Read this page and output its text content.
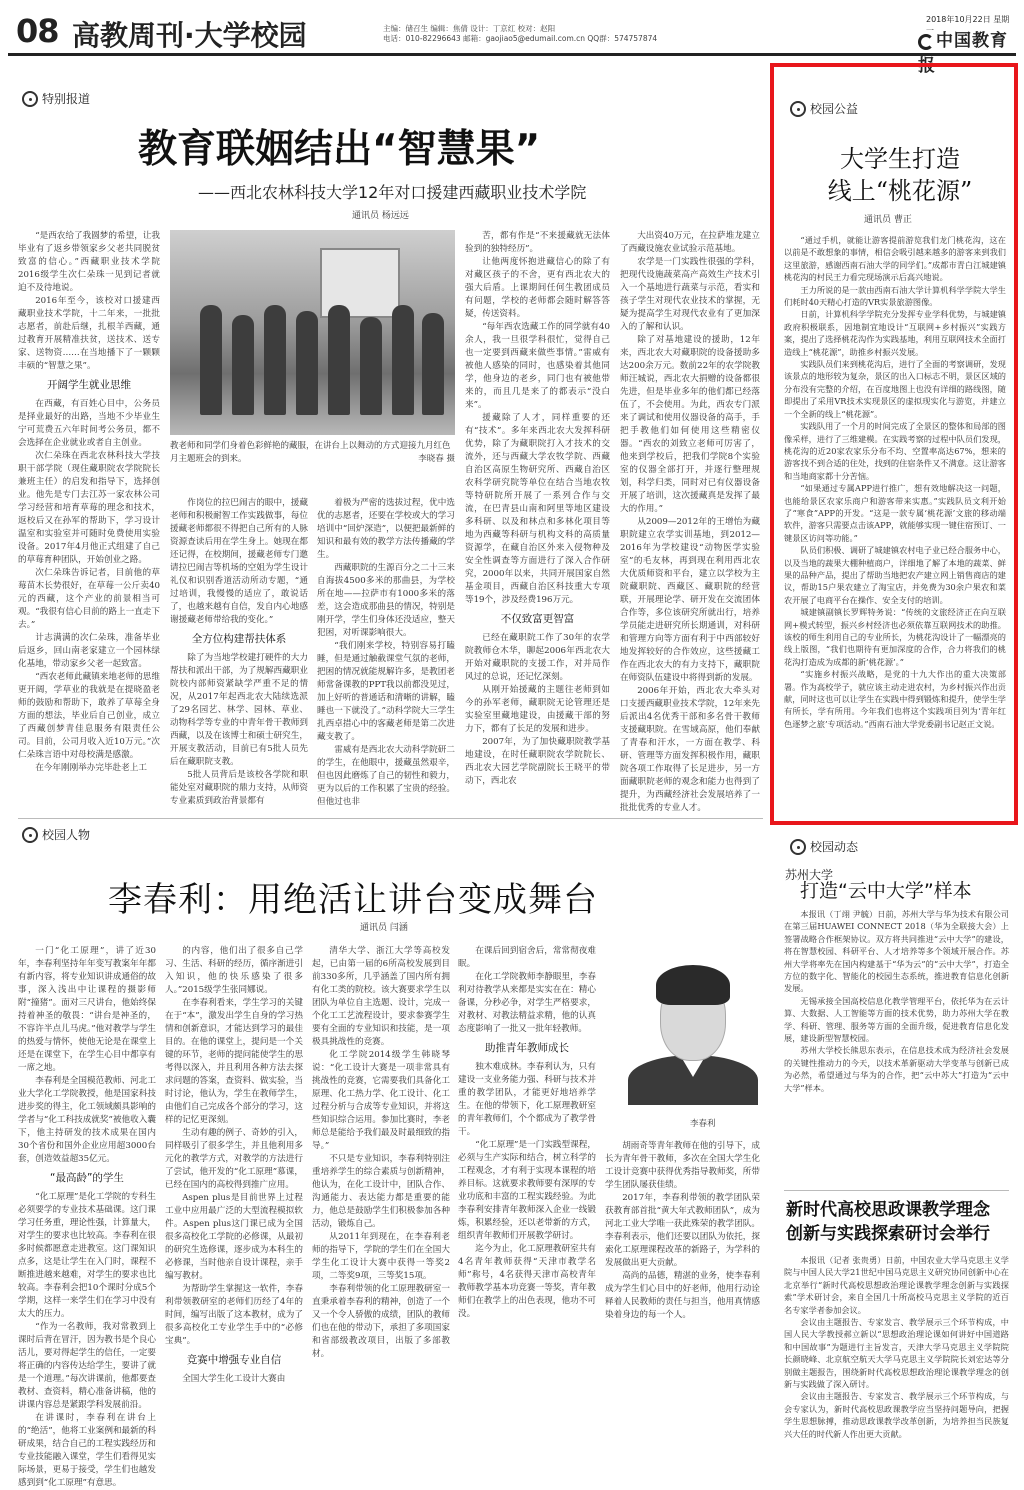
08 高教周刊·大学校园	主编：储召生 编辑：焦倩 设计：丁京红 校对：赵阳
电话：010-82296643 邮箱：gaojiao5@edumail.com.cn QQ群：574757874
2018年10月22日 星期一
中国教育报
特别报道
教育联姻结出“智慧果”
——西北农林科技大学12年对口援建西藏职业技术学院
通讯员 杨远远

“是西农给了我圆梦的希望，让我毕业有了返乡带领家乡父老共同脱贫致富的信心。”西藏职业技术学院2016级学生次仁朵珠一见到记者就迫不及待地说。

2016年至今，该校对口援建西藏职业技术学院，十二年来，一批批志愿者，前赴后继，扎根羊西藏，通过教育开展精准扶贫，送技术、送专家、送物资……在当地播下了一颗颗丰硕的“智慧之果”。

开阔学生就业思维

在西藏，有百姓心目中，公务员是择业最好的出路，当地不少毕业生宁可荒费五六年时间考公务员，都不会选择在企业就业或者自主创业。

次仁朵珠在西北农林科技大学技职干部学院（现住藏职院农学院院长兼班主任）的启发和指导下，选择创业。他先是专门去江苏一家农林公司学习经营和培育草莓的理念和技术，返校后又在孙军的帮助下，学习设计温室和实验室并可随时免费使用实验设备。2017年4月他正式组建了自己的草莓育种团队，开始创业之路。

次仁朵珠告诉记者，目前他的草莓苗木长势很好，在草莓一公斤卖40元的西藏，这个产业的前景相当可观。“我很有信心目前的路上一直走下去。”

计志满满的次仁朵珠，准备毕业后返乡，回山南老家建立一个园林绿化基地，带动家乡父老一起致富。

“西农老师此藏镇来地老师的思维更开阔，学草业的我就是在提晓盈老师的鼓励和帮助下，敢养了草莓全身方面的想法，毕业后自己创业，成立了西藏创梦青佳息服务有限责任公司。目前，公司月收入近10万元。”次仁朵珠言语中对母校满是感激。

在今年刚刚举办完毕赴老上工

教老师和同学们身着色彩鲜艳的藏服，在讲台上以舞动的方式迎接九月红色月主题班会的到来。	李晓春 摄

作岗位的拉巴闹吉的眼中，援藏老师和积极耐智工作实践做事，每位援藏老师都很不得把自己所有的人脉资源查读后用在学生身上。她现在都还记得，在校期间，援藏老师专门邀请拉巴闹吉等机场的空姐为学生设计礼仪和识别香道活动所动专题，“通过培训，我慢慢的适应了，敢说话了，也越来越有自信，发自内心地感谢援藏老师带给我的变化。”

全方位构建帮扶体系

除了为当地学校建打硬件的大力帮扶和派出干部，为了规解西藏职业院校内部师资紧缺学严重不足的情况，从2017年起西北农大陆续选派了29名园艺、林学、园林、草业、动物科学等专业的中青年骨干教师到西藏，以及在该博士和硕士研究生，开展支教活动，目前已有5批人员先后在藏职院支教。

5批人员背后是该校各学院和职能处室对藏职院的鼎力支持，从师资专业素质到政治背景都有

着极为严密的选拔过程，优中选优的志愿者，还要在学校或大的学习培训中“回炉深造”，以便把最新鲜的知识和最有效的教学方法传播藏的学生。

西藏职院的生源百分之二十三来自海拔4500多米的那曲县，为学校所在地——拉萨市有1000多米的落差，这会造成那曲县的情况，特别是刚开学，学生们身体还没适应，整天犯困，对听课影响很大。

“我们刚来学校，特别容易打瞌睡，但是通过触截课堂气氛的老师，把困的情况就能规解许多，是教团老师常备课教的PPT我以前都没见过，加上好听的普通话和清晰的讲解，瞌睡也一下就没了。”动科学院大三学生扎西卓措心中的客藏老师是第二次进藏支教了。

雷威有是西北农大动科学院研二的学生，在他眼中，援藏虽然艰辛，但也因此磨炼了自己的韧性和毅力，更为以后的工作积累了宝贵的经验。但他过也非

苦，都有作是“不来援藏就无法体验到的独特经历”。

让他两度怀抱进藏信心的除了有对藏区孩子的不舍，更有西北农大的强大后盾。上课期间任何生教团成员有问题，学校的老师都会随时解答答疑，传送资料。

“每年西农选藏工作的同学就有40余人，我一旦很学科很忙，觉得自己也一定要到西藏来做些事情。”雷威有被他人感染的同时，也感染着其他同学，他身边的老乡，同门也有被他带来的，而且几是来了的都表示“没白来”。

援藏除了人才，同样重要的还有“技术”。多年来西北农大发挥科研优势，除了为藏职院打入才技术的交流外，还与西藏大学农牧学院、西藏自治区高原生物研究所、西藏自治区农科学研究院等单位在结合当地农牧等特研院所开展了一系列合作与交流，在巴青县山南和阿里等地区建设多科研、以及和林点和多林化项目等地为西藏等科研与机构文科的高质量资源学，在藏自治区外来入侵物种及安全性调查等方面进行了深入合作研究，2000年以来，共同开展国家自然基金项目，西藏自治区科技重大专项等19个，涉及经费196万元。

不仅致富更智富

已经在藏职院工作了30年的农学院教师仓木华，聊起2006年西北农大开始对藏职院的支援工作，对并局作风过的总说，还记忆深刻。

从刚开始援藏的主题往老师到如今的孙军老师，藏职院无论管理还是实验室里藏地建设，由援藏干部的努力下，都有了长足的发展和进步。

2007年，为了加快藏职院教学基地建设，在时任藏职院农学院院长、西北农大园艺学院副院长王晓平的带动下，西北农

大出资40万元，在拉萨堆龙建立了西藏设施农业试验示范基地。

农学是一门实践性很强的学科，把现代设施蔬菜高产高效生产技术引入一个基地进行蔬菜与示范，看实和孩子学生对现代农业技术的掌握，无疑为提高学生对现代农业有了更加深入的了解和认识。

除了对基地建设的援助，12年来，西北农大对藏职院的设备援助多达200余万元。数前22年的农学院教师汪城说，西北农大捐赠的设备都很先进，但是毕业多年的他们都已经落伍了，不会使用。为此，西农专门派来了调试和使用仪器设备的高手，手把手教他们如何使用这些精密仪器。“西农的刘致立老师可厉害了，他来到学校后，把我们学院8个实验室的仪器全部打开，并逐行整理规划，科学归类，同时对已有仪器设备开展了培训，这次援藏真是发挥了最大的作用。”

从2009—2012年的王增怡为藏职院建立农学实训基地，到2012—2016年为学校建设“动物医学实验室”的毛友林，再到现在利用西北农大优质师资和平台，建立以学校为主院藏职院、西藏区、藏职院的经营联，开展理论学、研开发在交流团体合作等，多位该研究所就出行，培养学员能走进研究所长期通训，对科研和管理方向等方面有利于中西部较好地发挥较好的合作效应，这些援藏工作在西北农大的有力支持下，藏职院在师资队伍建设中将得到新的发展。

2006年开始，西北农大牵头对口支援西藏职业技术学院，12年来先后派出4名优秀干部和多名骨干教师支援藏职院。在雪域高原，他们奉献了青春和汗水，一方面在教学、科研、管理等方面发挥积极作用，藏职院各项工作取得了长足进步，另一方面藏职院老师的观念和能力也得到了提升，为西藏经济社会发展培养了一批批优秀的专业人才。

校园公益
大学生打造
线上“桃花源”
通讯员 曹正

“通过手机，就能让游客提前游览我们龙门桃花沟，这在以前是不敢想象的事情，相信会吸引越来越多的游客来到我们这里旅游，感谢西南石油大学的同学们。”成都市青白江城建镇桃花沟的村民王力看完现场演示后高兴地说。

王力所说的是一款由西南石油大学计算机科学学院大学生们耗时40天精心打造的VR实景旅游图像。

日前，计算机科学学院充分发挥专业学科优势，与城建镇政府积极联系，因地制宜地设计“互联网+乡村振兴”实践方案，提出了选择桃花沟作为实践基地，利用互联网技术全面打造线上“桃花源”，助推乡村振兴发展。

实践队员们来到桃花沟后，进行了全面的考察调研，发现该景点的地形较为复杂，景区的出入口标志不明，景区区域的分布没有完整的介绍，在百度地图上也没有详细的路线图，随即提出了采用VR技术实现景区的虚拟现实化与游览，并建立一个全新的线上“桃花源”。

实践队用了一个月的时间完成了全景区的整体和局部的图像采样，进行了三维建模。在实践考察的过程中队员们发现，桃花沟的近20家农家乐分布不均、空置率高达67%，想来的游客找不到合适的住处，找到的住宿条件又不满意。这让游客和当地商家都十分苦恼。

“如果通过专属APP进行推广，想有效地解决这一问题，也能给景区农家乐商户和游客带来实惠。”实践队员文利开始了“寒食”APP的开发。“这是一款专属‘桃花源’文旅的移动端软件，游客只需要点击该APP，就能够实现一键住宿预订、一键景区访问等功能。”

队员们积极、调研了城建镇农村电子业已经合服务中心，以及当地的蔬果大棚种植商户，详细地了解了本地的蔬菜、鲜果的品种产品，提出了帮助当地把农产建立网上销售商店的建议，帮助15户果农建立了淘宝店，并免费为30余户果农和菜农开展了电商平台在操作、安全支付的培训。

城建镇副镇长罗辉特务说：“传统的文旅经济正在向互联网+模式转型，振兴乡村经济也必须依靠互联网技术的助推。该校的师生利用自己的专业所长，为桃花沟设计了一幅漂亮的线上版图，“我们也期待有更加深度的合作，合力将我们的桃花沟打造成为成都的新‘桃花源’。”

“实施乡村振兴战略，是党的十九大作出的重大决策部署。作为高校学子，就应该主动走进农村，为乡村振兴作出贡献，同时这也可以让学生在实践中得到锻炼和提升，使学生学有所长，学有所用。今年我们也将这个实践项目列为‘青年红色逐梦之旅’专项活动。”西南石油大学党委副书记赵正文说。

校园人物
李春利：用绝活让讲台变成舞台
通讯员 闫涵

一门“化工原理”，讲了近30年，李春利坚持年年变写教案年年都有新内容，将专业知识讲成通俗的故事，深入浅出中让课程的摄影师附“撞猪”。面对三尺讲台，他始终保持着神圣的敬畏：“讲台是神圣的，不容许半点儿马虎。”他对教学与学生的热爱与情怀，使他无论是在课堂上还是在课堂下，在学生心目中都享有一席之地。

李春利是全国模范教师、河北工业大学化工学院教授，他是国家科技进步奖的得主，化工领域颇具影响的学者与“化工科技成就奖”被他收入囊下，他主持研发的技术成果在国内30个省份和国外企业应用超3000台套，创造效益超35亿元。

“最高龄”的学生

“化工原理”是化工学院的专科生必须要学的专业技术基础课。这门课学习任务重，理论性强，计算量大，对学生的要求也比较高。李春利在很多时候都愿意走进教室。这门课知识点多，这是让学生在入门时，课程不断推进越来越难，对学生的要求也比较高。李春利会把10个课时分成5个学期，这样一来学生们在学习中没有太大的压力。

“作为一名教师，我对常教到上课时后背在冒汗，因为教书是个良心活儿，要对得起学生的信任，一定要将正确的内容传达给学生，要讲了就是一个道理。”每次讲课前，他都要查教材、查资料，精心准备讲稿，他的讲课内容总是紧跟学科发展前沿。

在讲课时，李春利在讲台上的“绝活”，他将工业案例和最新的科研成果，结合自己的工程实践经历和专业技能融入课堂，学生们看得见实际场景，更易于接受，学生们也越发感到到“化工原理”有意思。

的内容，他们出了很多自己学习、生活、科研的经历，循序渐进引入知识，他的快乐感染了很多人。”2015级学生张同娜说。

在李春利看来，学生学习的关键在于“本”，激发出学生自身的学习热情和创新意识，才能达到学习的最佳目的。在他的课堂上，提问是一个关键的环节，老师的提问能使学生的思考得以深入，并且利用各种方法去探求问题的答案，查资料、做实验，当时讨论，他认为，学生在教师学生，由他们自己完成各个部分的学习，这样的记忆更深刻。

生动有趣的例子、奇妙的引入，同样吸引了很多学生，并且他利用多元化的教学方式，对教学的方法进行了尝试，他开发的“化工原理”慕课，已经在国内的高校得到推广应用。

Aspen plus是目前世界上过程工业中应用最广泛的大型流程模拟软件。Aspen plus这门课已成为全国很多高校化工学院的必修课，从最初的研究生选修课，逐步成为本科生的必修课，当时他亲自设计课程，亲手编写教材。

为帮助学生掌握这一软件，李春利带领教研室的老师们历经了4年的时间，编写出版了这本教材，成为了很多高校化工专业学生手中的“必修宝典”。

竞赛中增强专业自信

全国大学生化工设计大赛由

清华大学、浙江大学等高校发起，已由第一届的6所高校发展到目前330多所，几乎涵盖了国内所有拥有化工类的院校。该大赛要求学生以团队为单位自主选题、设计，完成一个化工工艺流程设计，要求参赛学生要有全面的专业知识和技能，是一项极具挑战性的竞赛。

化工学院2014级学生韩晓琴说：“化工设计大赛是一项非常具有挑战性的竞赛，它需要我们具备化工原理、化工热力学、化工设计、化工过程分析与合成等专业知识，并将这些知识综合运用。参加比赛时，李老师总是能给予我们最及时最细致的指导。”

不只是专业知识，李春利特别注重培养学生的综合素质与创新精神，他认为，在化工设计中，团队合作、沟通能力、表达能力都是重要的能力，他总是鼓励学生们积极参加各种活动，锻炼自己。

从2011年到现在，在李春利老师的指导下，学院的学生们在全国大学生化工设计大赛中获得一等奖2项，二等奖9项，三等奖15项。

李春利带领的化工原理教研室一直秉承着李春利的精神，创造了一个又一个令人骄傲的成绩，团队的教师们也在他的带动下，承担了多项国家和省部级教改项目，出版了多部教材。

在课后回到宿舍后，常常彻夜难眠。

在化工学院教师李静眼里，李春利对待教学从来都是实实在在：精心备课，分秒必争，对学生严格要求，对教材、对教法精益求精，他的认真态度影响了一批又一批年轻教师。

助推青年教师成长

独木难成林。李春利认为，只有建设一支业务能力强、科研与技术并重的教学团队，才能更好地培养学生。在他的带领下，化工原理教研室的青年教师们，个个都成为了教学骨干。

“化工原理”是一门实践型课程，必须与生产实际和结合，树立科学的工程观念，才有利于实现本课程的培养目标。这就要求教师要有深厚的专业功底和丰富的工程实践经验。为此李春利安排青年教师深入企业一线锻炼，积累经验，还以老带新的方式，组织青年教师们开展教学研讨。

迄今为止，化工原理教研室共有4名青年教师获得“天津市教学名师”称号，4名获得天津市高校青年教师教学基本功竞赛一等奖，青年教师们在教学上的出色表现，他功不可没。

李春利

胡雨奇等青年教师在他的引导下，成长为青年骨干教师，多次在全国大学生化工设计竞赛中获得优秀指导教师奖，所带学生团队屡获佳绩。

2017年，李春利带领的教学团队荣获教育部首批“黄大年式教师团队”，成为河北工业大学唯一获此殊荣的教学团队。李春利表示，他们还要以团队为依托，探索化工原理课程改革的新路子，为学科的发展做出更大贡献。

高尚的品德，精湛的业务，使李春利成为学生们心目中的好老师，他用行动诠释着人民教师的责任与担当，他用真情感染着身边的每一个人。

校园动态
苏州大学
打造“云中大学”样本

本报讯（丁翊 尹毓）日前，苏州大学与华为技术有限公司在第三届HUAWEI CONNECT 2018（华为全联接大会）上签署战略合作框架协议。双方将共同推进“云中大学”的建设，将在智慧校园、科研平台、人才培养等多个领域开展合作。苏州大学将率先在国内构建基于“华为云”的“云中大学”，打造全方位的数字化、智能化的校园生态系统，推进教育信息化创新发展。

无锡承接全国高校信息化教学管理平台，依托华为在云计算、大数据、人工智能等方面的技术优势，助力苏州大学在教学、科研、管理、服务等方面的全面升级，促进教育信息化发展，建设新型智慧校园。

苏州大学校长熊思东表示，在信息技术成为经济社会发展的关键性推动力的今天，以技术革新驱动大学变革与创新已成为必然，希望通过与华为的合作，把“云中苏大”打造为“云中大学”样本。

新时代高校思政课教学理念
创新与实践探索研讨会举行

本报讯（记者 张贵勇）日前，中国农业大学马克思主义学院与中国人民大学21世纪中国马克思主义研究协同创新中心在北京举行“新时代高校思想政治理论课教学理念创新与实践探索”学术研讨会，来自全国几十所高校马克思主义学院的近百名专家学者参加会议。

会议由主题报告、专家发言、教学展示三个环节构成，中国人民大学教授郝立新以“思想政治理论课如何讲好中国道路和中国故事”为题进行主旨发言，天津大学马克思主义学院院长颜晓峰、北京航空航天大学马克思主义学院院长刘宏达等分别做主题报告，围绕新时代高校思想政治理论课教学理念的创新与实践做了深入研讨。

会议由主题报告、专家发言、教学展示三个环节构成，与会专家认为，新时代高校思政课教学应当坚持问题导向，把握学生思想脉搏，推动思政课教学改革创新，为培养担当民族复兴大任的时代新人作出更大贡献。
